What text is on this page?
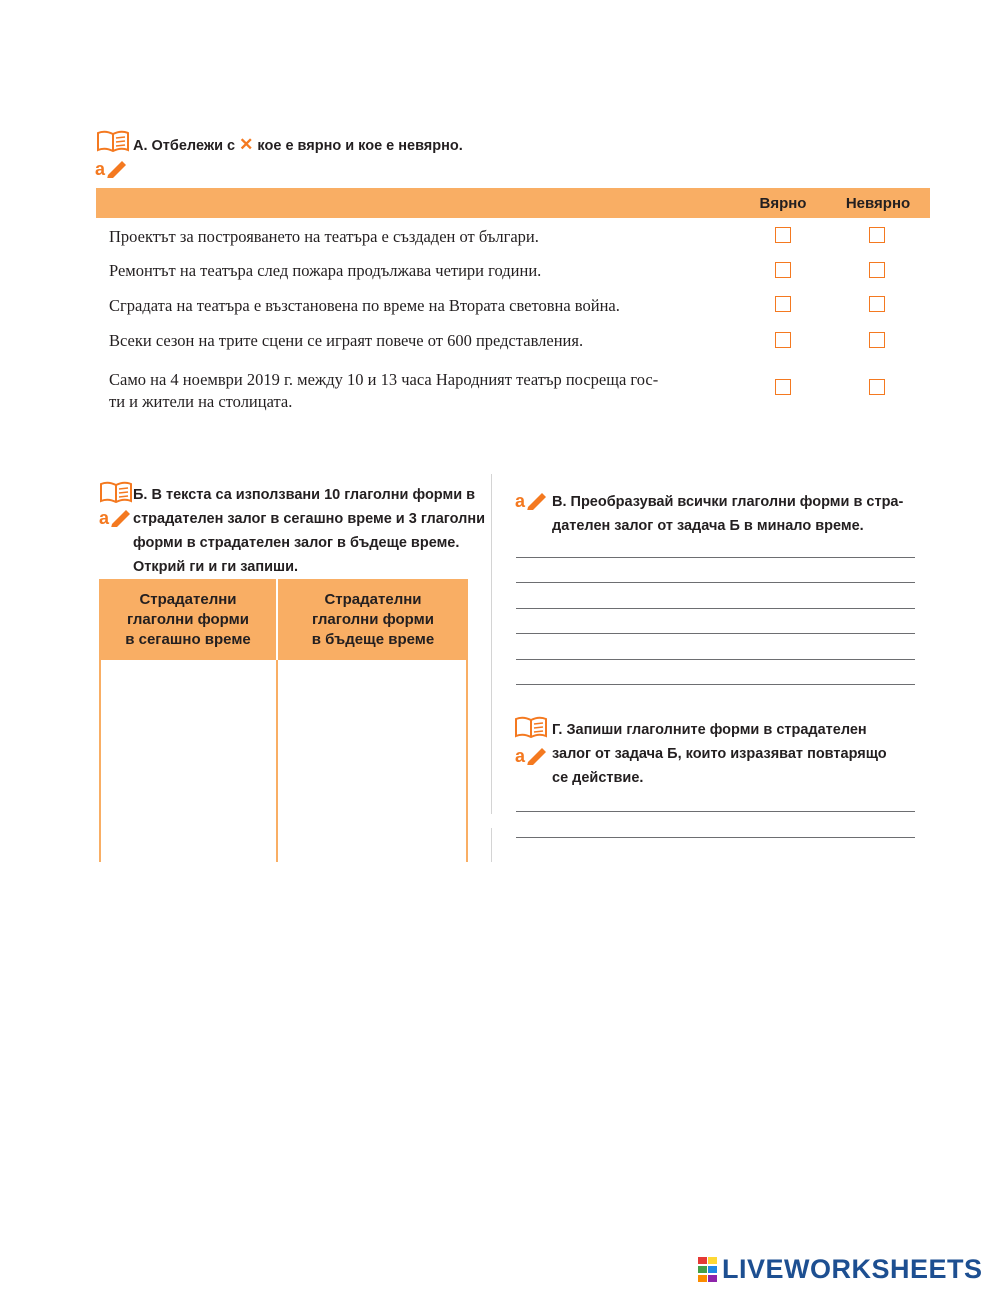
a
А. Отбележи с ✕ кое е вярно и кое е невярно.
Вярно	Невярно
Проектът за построяването на театъра е създаден от българи.
Ремонтът на театъра след пожара продължава четири години.
Сградата на театъра е възстановена по време на Втората световна война.
Всеки сезон на трите сцени се играят повече от 600 представления.
Само на 4 ноември 2019 г. между 10 и 13 часа Народният театър посреща гос-
ти и жители на столицата.
a
Б. В текста са използвани 10 глаголни форми в
страдателен залог в сегашно време и 3 глаголни
форми в страдателен залог в бъдеще време.
Открий ги и ги запиши.
Страдателни
глаголни форми
в сегашно време
Страдателни
глаголни форми
в бъдеще време
a В. Преобразувай всички глаголни форми в стра-
дателен залог от задача Б в минало време.
a
Г. Запиши глаголните форми в страдателен
залог от задача Б, които изразяват повтарящо
се действие.
LIVEWORKSHEETS
